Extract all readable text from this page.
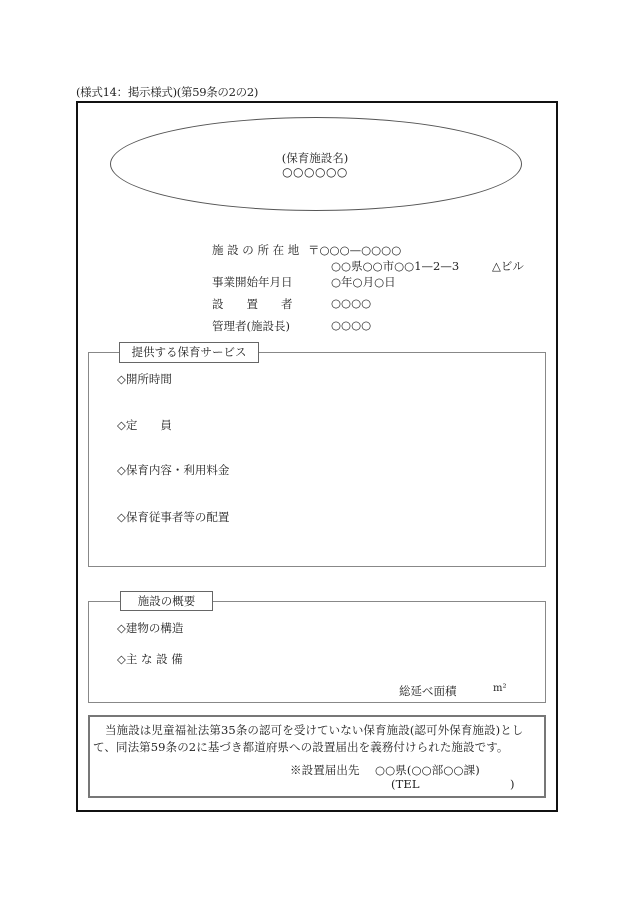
(様式14：掲示様式)(第59条の2の2)
(保育施設名)
○○○○○○
施 設 の 所 在 地 〒○○○—○○○○
○○県○○市○○1—2—3	△ビル
事業開始年月日	○年○月○日
設　　置　　者	○○○○
管理者(施設長)	○○○○
提供する保育サービス
◇開所時間
◇定　　員
◇保育内容・利用料金
◇保育従事者等の配置
施設の概要
◇建物の構造
◇主 な 設 備
総延べ面積	m²
当施設は児童福祉法第35条の認可を受けていない保育施設(認可外保育施設)とし
て、同法第59条の2に基づき都道府県への設置届出を義務付けられた施設です。
※設置届出先 ○○県(○○部○○課)
(TEL	)
